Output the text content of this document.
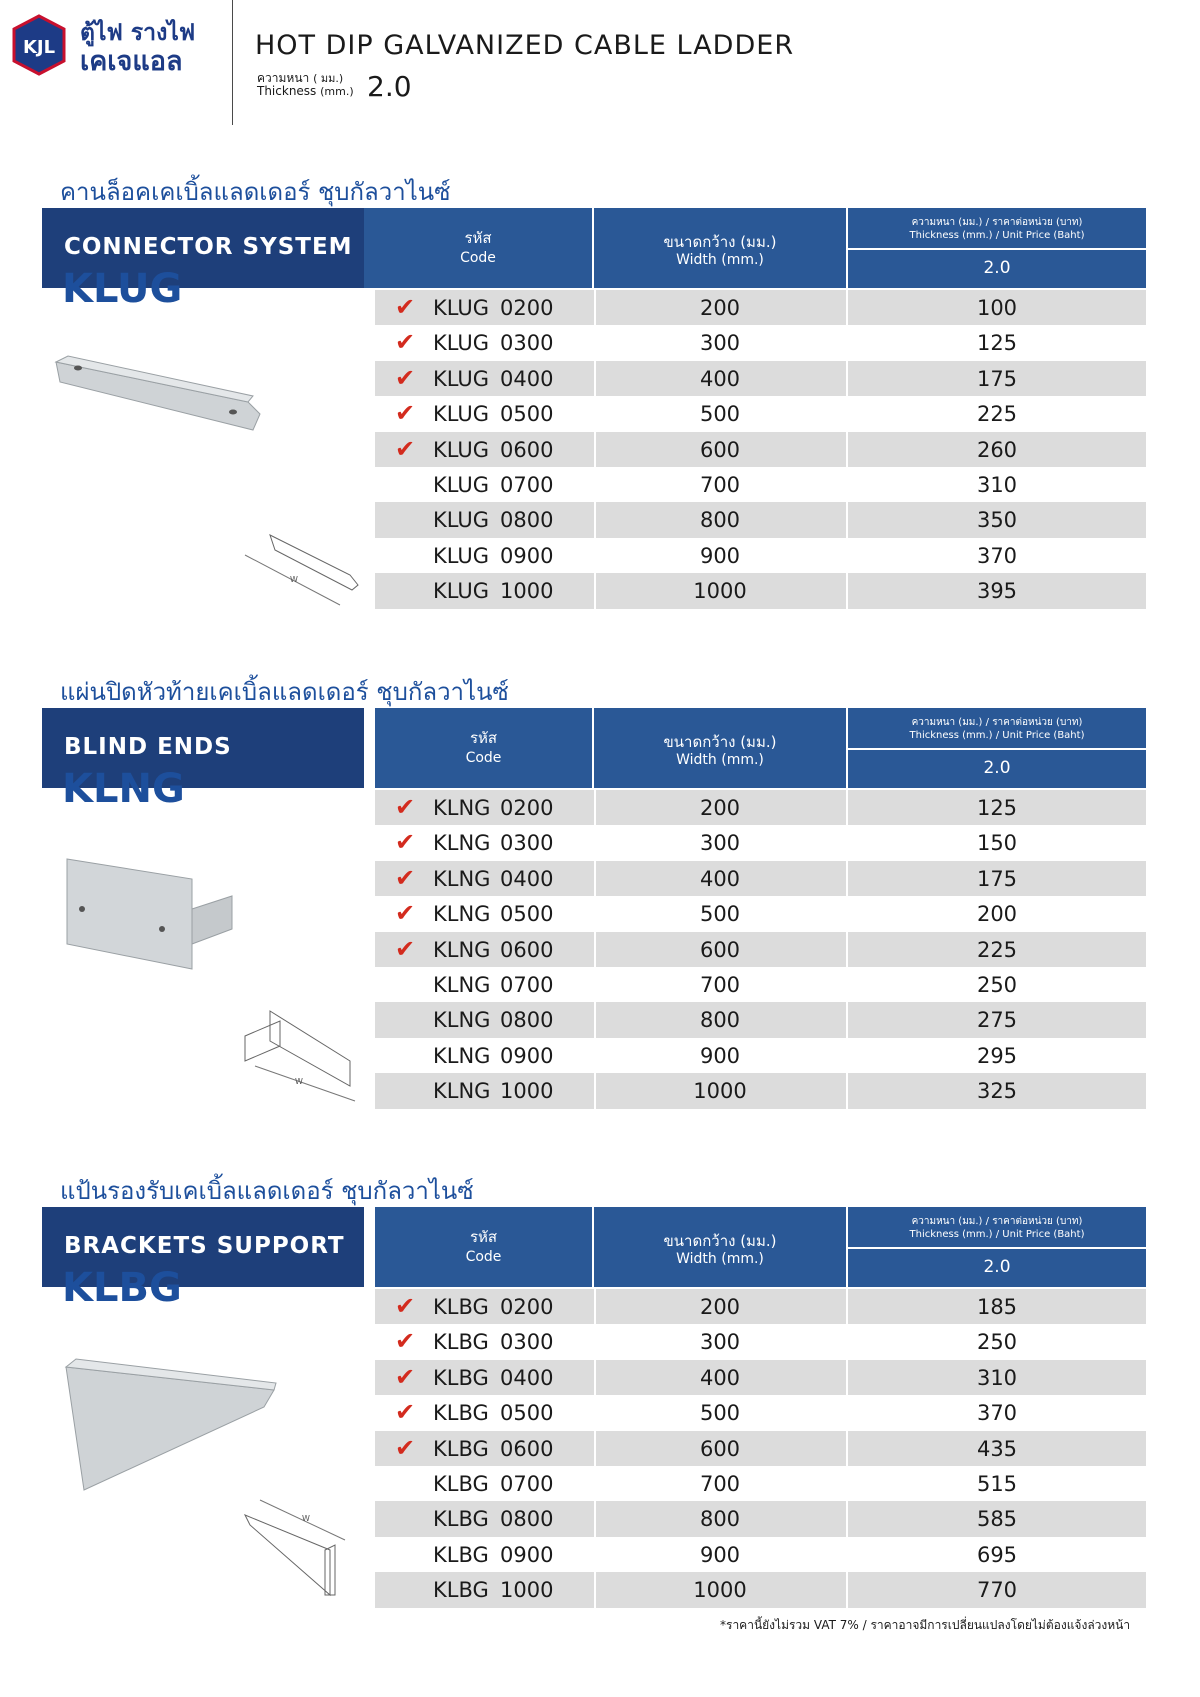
KJL
ตู้ไฟ รางไฟ
เคเจแอล
HOT DIP GALVANIZED CABLE LADDER
ความหนา ( มม.)
Thickness (mm.) 2.0
คานล็อคเคเบิ้ลแลดเดอร์ ชุบกัลวาไนซ์
CONNECTOR SYSTEM	รหัส
Code
ขนาดกว้าง (มม.)
Width (mm.)
ความหนา (มม.) / ราคาต่อหน่วย (บาท)
Thickness (mm.) / Unit Price (Baht)
2.0
KLUG	✔ KLUG 0200	200	100
✔ KLUG 0300	300	125
✔ KLUG 0400	400	175
✔ KLUG 0500	500	225
✔ KLUG 0600	600	260
KLUG 0700	700	310
KLUG 0800	800	350
KLUG 0900	900	370
KLUG 1000	1000	395
แผ่นปิดหัวท้ายเคเบิ้ลแลดเดอร์ ชุบกัลวาไนซ์
BLIND ENDS	รหัส
Code
ขนาดกว้าง (มม.)
Width (mm.)
ความหนา (มม.) / ราคาต่อหน่วย (บาท)
Thickness (mm.) / Unit Price (Baht)
2.0
KLNG	✔ KLNG 0200	200	125
✔ KLNG 0300	300	150
✔ KLNG 0400	400	175
✔ KLNG 0500	500	200
✔ KLNG 0600	600	225
KLNG 0700	700	250
KLNG 0800	800	275
KLNG 0900	900	295
KLNG 1000	1000	325
แป้นรองรับเคเบิ้ลแลดเดอร์ ชุบกัลวาไนซ์
BRACKETS SUPPORT	รหัส
Code
ขนาดกว้าง (มม.)
Width (mm.)
ความหนา (มม.) / ราคาต่อหน่วย (บาท)
Thickness (mm.) / Unit Price (Baht)
2.0
KLBG	✔ KLBG 0200	200	185
✔ KLBG 0300	300	250
✔ KLBG 0400	400	310
✔ KLBG 0500	500	370
✔ KLBG 0600	600	435
KLBG 0700	700	515
KLBG 0800	800	585
KLBG 0900	900	695
KLBG 1000	1000	770
W
W
W
*ราคานี้ยังไม่รวม VAT 7% / ราคาอาจมีการเปลี่ยนแปลงโดยไม่ต้องแจ้งล่วงหน้า
